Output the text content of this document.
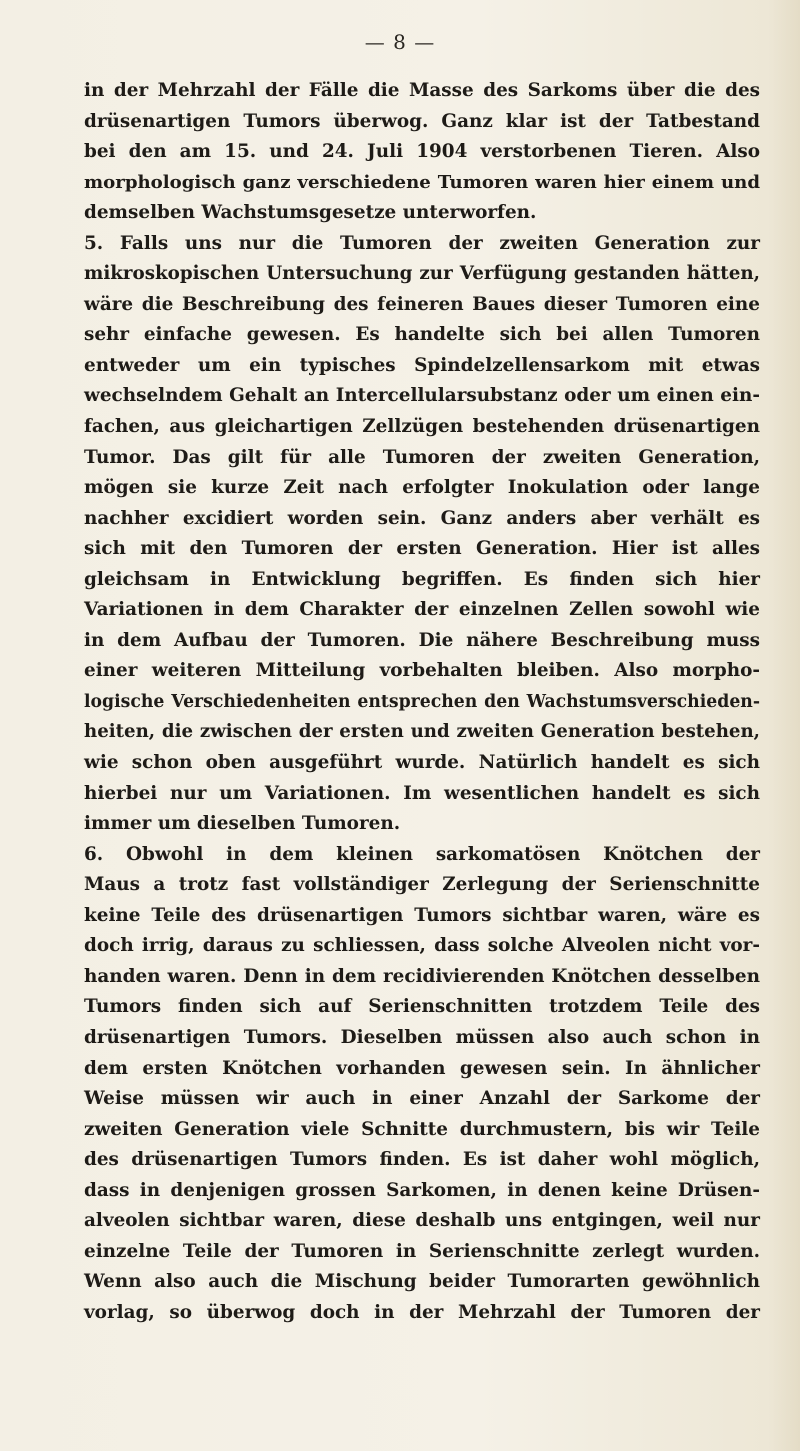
— 8 —
in der Mehrzahl der Fälle die Masse des Sarkoms über die des
drüsenartigen Tumors überwog. Ganz klar ist der Tatbestand
bei den am 15. und 24. Juli 1904 verstorbenen Tieren. Also
morphologisch ganz verschiedene Tumoren waren hier einem und
demselben Wachstumsgesetze unterworfen.
5. Falls uns nur die Tumoren der zweiten Generation zur
mikroskopischen Untersuchung zur Verfügung gestanden hätten,
wäre die Beschreibung des feineren Baues dieser Tumoren eine
sehr einfache gewesen. Es handelte sich bei allen Tumoren
entweder um ein typisches Spindelzellensarkom mit etwas
wechselndem Gehalt an Intercellularsubstanz oder um einen ein-
fachen, aus gleichartigen Zellzügen bestehenden drüsenartigen
Tumor. Das gilt für alle Tumoren der zweiten Generation,
mögen sie kurze Zeit nach erfolgter Inokulation oder lange
nachher excidiert worden sein. Ganz anders aber verhält es
sich mit den Tumoren der ersten Generation. Hier ist alles
gleichsam in Entwicklung begriffen. Es finden sich hier
Variationen in dem Charakter der einzelnen Zellen sowohl wie
in dem Aufbau der Tumoren. Die nähere Beschreibung muss
einer weiteren Mitteilung vorbehalten bleiben. Also morpho-
logische Verschiedenheiten entsprechen den Wachstumsverschieden-
heiten, die zwischen der ersten und zweiten Generation bestehen,
wie schon oben ausgeführt wurde. Natürlich handelt es sich
hierbei nur um Variationen. Im wesentlichen handelt es sich
immer um dieselben Tumoren.
6. Obwohl in dem kleinen sarkomatösen Knötchen der
Maus a trotz fast vollständiger Zerlegung der Serienschnitte
keine Teile des drüsenartigen Tumors sichtbar waren, wäre es
doch irrig, daraus zu schliessen, dass solche Alveolen nicht vor-
handen waren. Denn in dem recidivierenden Knötchen desselben
Tumors finden sich auf Serienschnitten trotzdem Teile des
drüsenartigen Tumors. Dieselben müssen also auch schon in
dem ersten Knötchen vorhanden gewesen sein. In ähnlicher
Weise müssen wir auch in einer Anzahl der Sarkome der
zweiten Generation viele Schnitte durchmustern, bis wir Teile
des drüsenartigen Tumors finden. Es ist daher wohl möglich,
dass in denjenigen grossen Sarkomen, in denen keine Drüsen-
alveolen sichtbar waren, diese deshalb uns entgingen, weil nur
einzelne Teile der Tumoren in Serienschnitte zerlegt wurden.
Wenn also auch die Mischung beider Tumorarten gewöhnlich
vorlag, so überwog doch in der Mehrzahl der Tumoren der
